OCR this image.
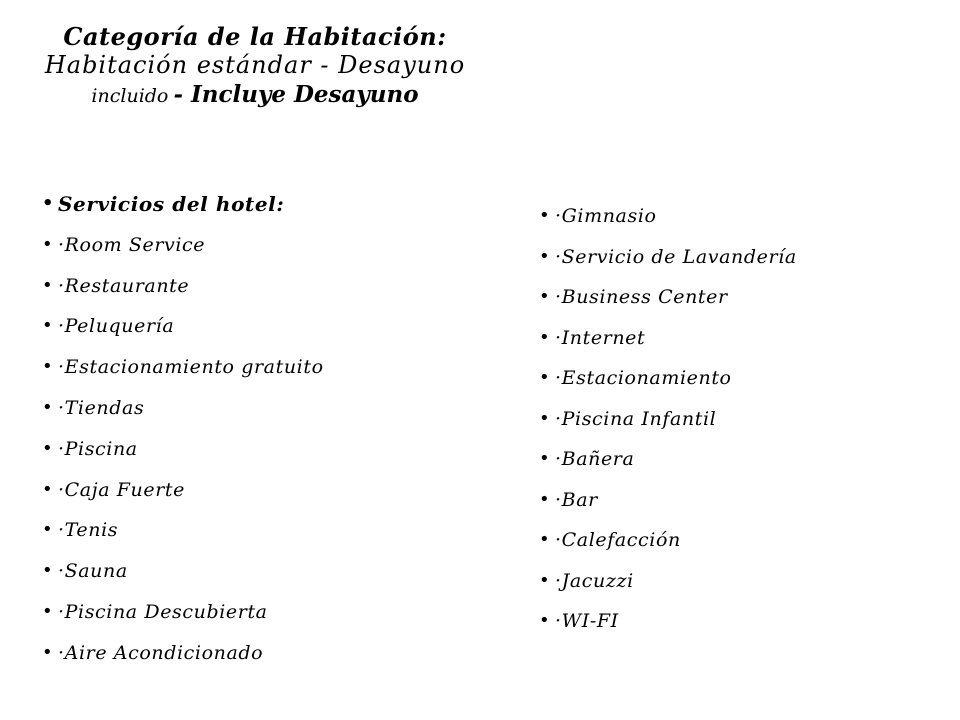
Categoría de la Habitación:
Habitación estándar - Desayuno
incluido - Incluye Desayuno
• Servicios del hotel:
• ·Room Service
• ·Restaurante
• ·Peluquería
• ·Estacionamiento gratuito
• ·Tiendas
• ·Piscina
• ·Caja Fuerte
• ·Tenis
• ·Sauna
• ·Piscina Descubierta
• ·Aire Acondicionado
• ·Gimnasio
• ·Servicio de Lavandería
• ·Business Center
• ·Internet
• ·Estacionamiento
• ·Piscina Infantil
• ·Bañera
• ·Bar
• ·Calefacción
• ·Jacuzzi
• ·WI-FI
